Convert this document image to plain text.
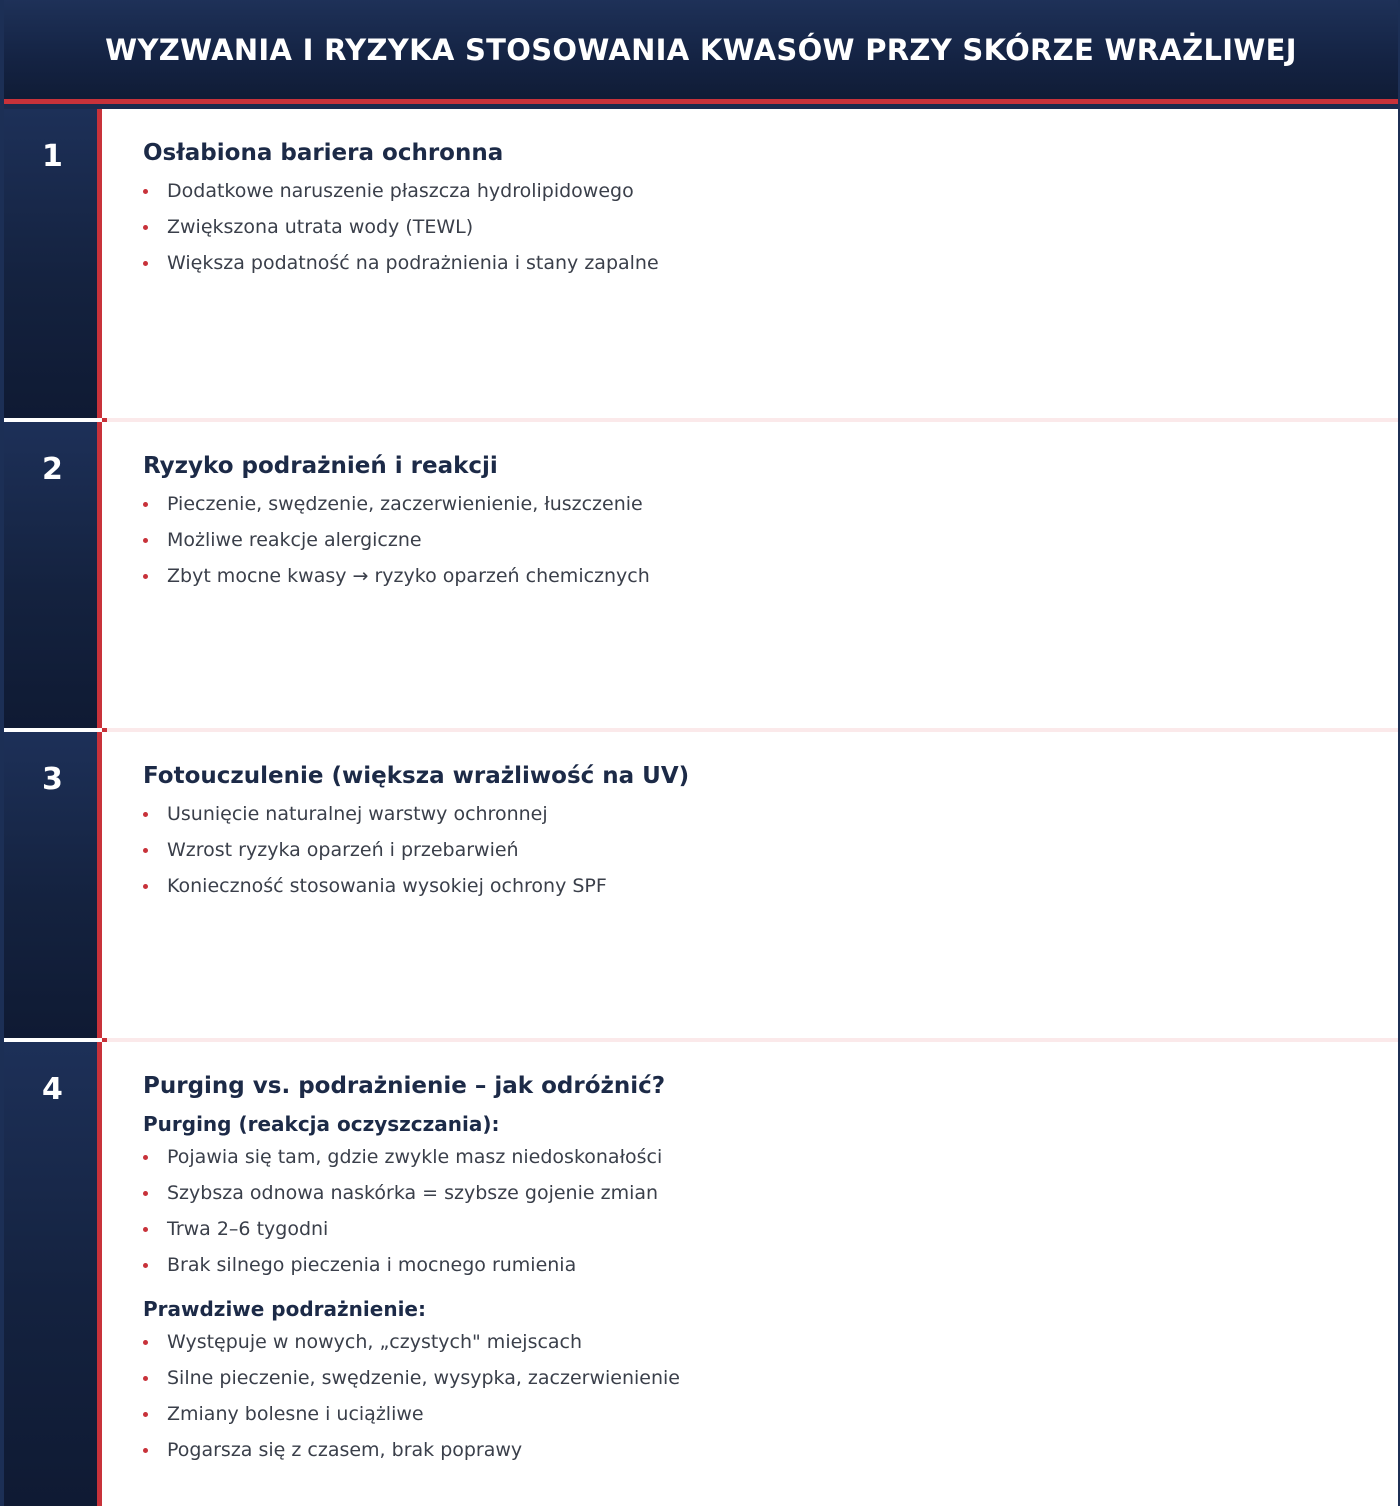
WYZWANIA I RYZYKA STOSOWANIA KWASÓW PRZY SKÓRZE WRAŻLIWEJ
1	Osłabiona bariera ochronna
Dodatkowe naruszenie płaszcza hydrolipidowego
Zwiększona utrata wody (TEWL)
Większa podatność na podrażnienia i stany zapalne
2	Ryzyko podrażnień i reakcji
Pieczenie, swędzenie, zaczerwienienie, łuszczenie
Możliwe reakcje alergiczne
Zbyt mocne kwasy → ryzyko oparzeń chemicznych
3	Fotouczulenie (większa wrażliwość na UV)
Usunięcie naturalnej warstwy ochronnej
Wzrost ryzyka oparzeń i przebarwień
Konieczność stosowania wysokiej ochrony SPF
4	Purging vs. podrażnienie – jak odróżnić?
Purging (reakcja oczyszczania):
Pojawia się tam, gdzie zwykle masz niedoskonałości
Szybsza odnowa naskórka = szybsze gojenie zmian
Trwa 2–6 tygodni
Brak silnego pieczenia i mocnego rumienia
Prawdziwe podrażnienie:
Występuje w nowych, „czystych" miejscach
Silne pieczenie, swędzenie, wysypka, zaczerwienienie
Zmiany bolesne i uciążliwe
Pogarsza się z czasem, brak poprawy
